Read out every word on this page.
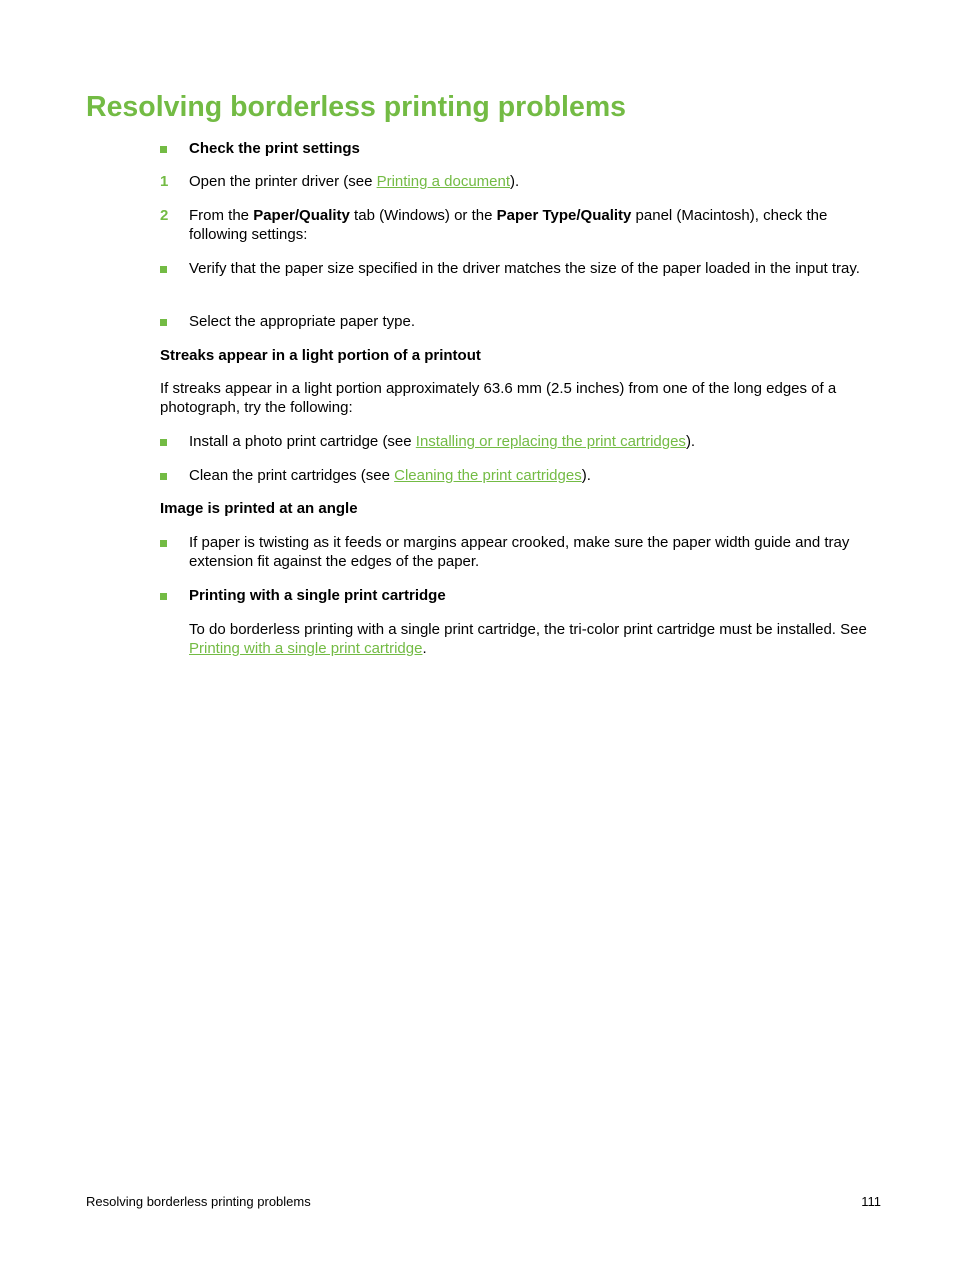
Resolving borderless printing problems

Check the print settings

1 Open the printer driver (see Printing a document).

2 From the Paper/Quality tab (Windows) or the Paper Type/Quality panel (Macintosh), check the following settings:

Verify that the paper size specified in the driver matches the size of the paper loaded in the input tray.

Select the appropriate paper type.

Streaks appear in a light portion of a printout

If streaks appear in a light portion approximately 63.6 mm (2.5 inches) from one of the long edges of a photograph, try the following:

Install a photo print cartridge (see Installing or replacing the print cartridges).

Clean the print cartridges (see Cleaning the print cartridges).

Image is printed at an angle

If paper is twisting as it feeds or margins appear crooked, make sure the paper width guide and tray extension fit against the edges of the paper.

Printing with a single print cartridge

To do borderless printing with a single print cartridge, the tri-color print cartridge must be installed. See Printing with a single print cartridge.

Resolving borderless printing problems	111
